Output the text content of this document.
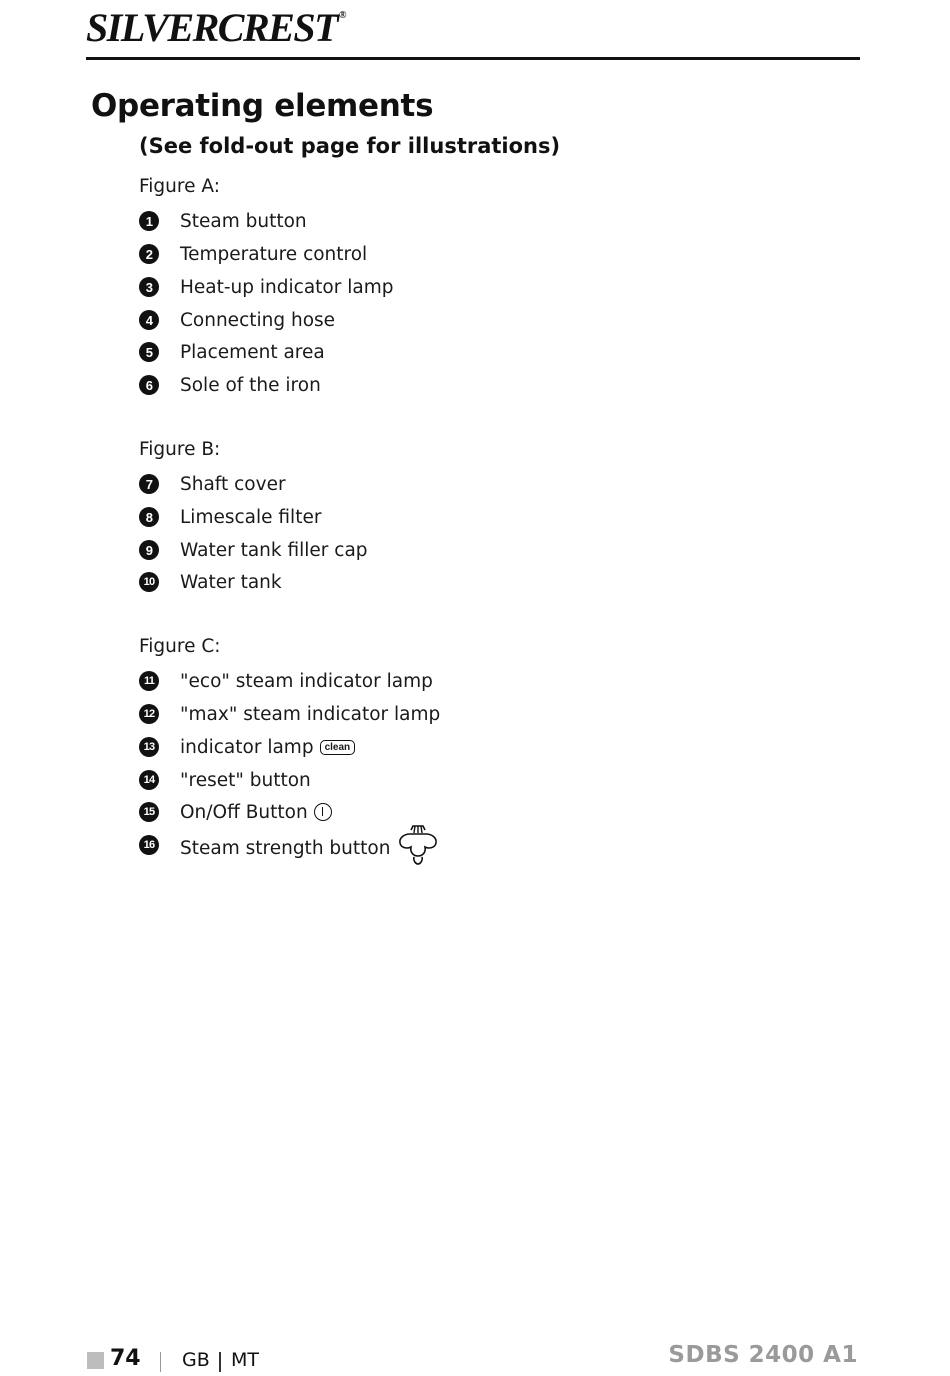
SILVERCREST ®
Operating elements
(See fold-out page for illustrations)
Figure A:
1	Steam button
2	Temperature control
3	Heat-up indicator lamp
4	Connecting hose
5	Placement area
6	Sole of the iron
Figure B:
7	Shaft cover
8	Limescale filter
9	Water tank filler cap
10 Water tank
Figure C:
11 "eco" steam indicator lamp
12 "max" steam indicator lamp
13 indicator lamp clean
14 "reset" button
15 On/Off Button
16 Steam strength button
74 GB MT	SDBS 2400 A1
